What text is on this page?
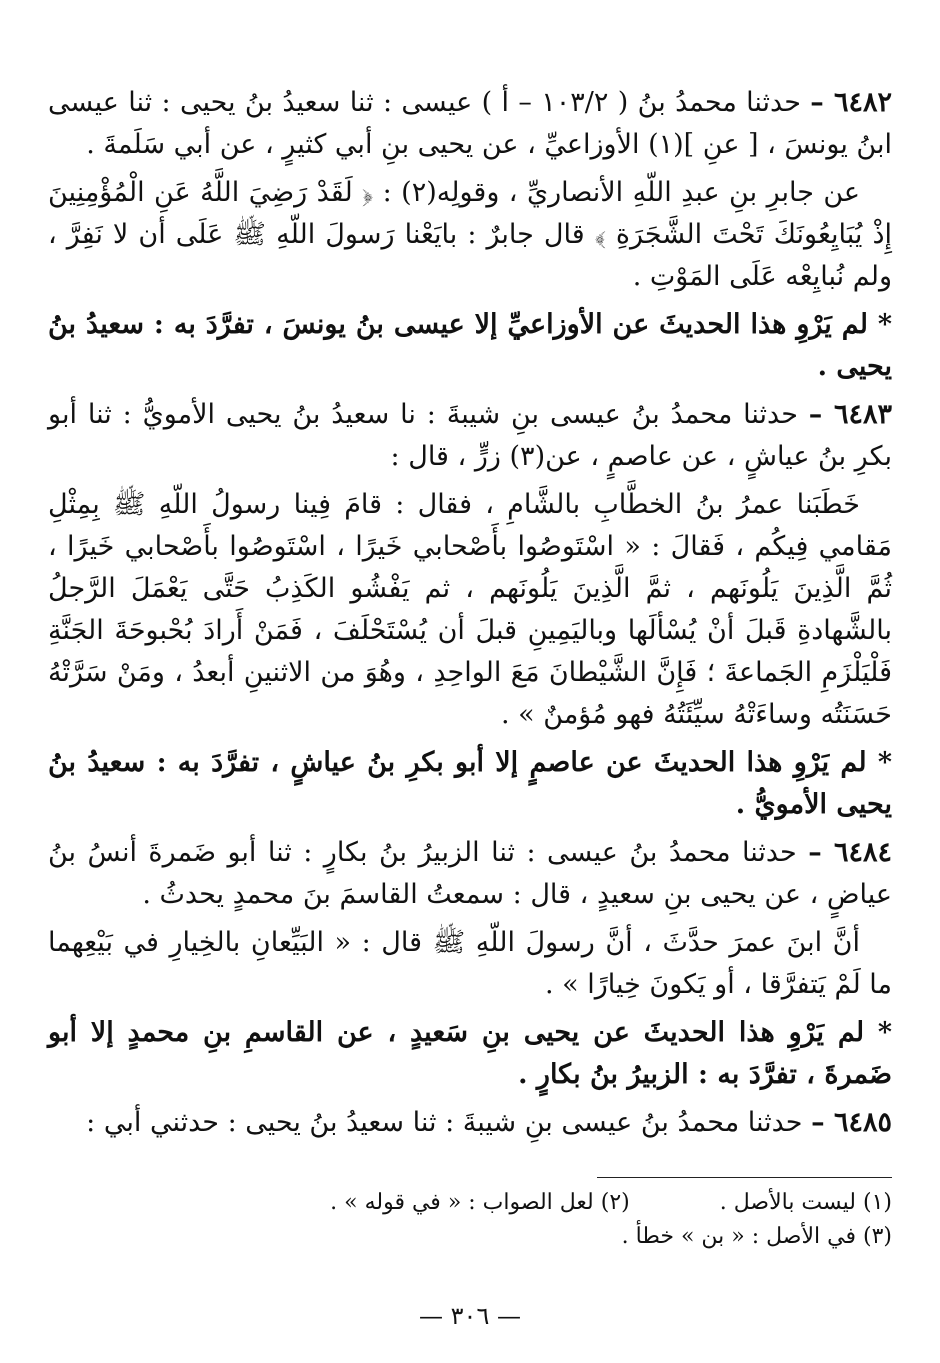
٦٤٨٢ – حدثنا محمدُ بنُ ( ١٠٣/٢ – أ ) عيسى : ثنا سعيدُ بنُ يحيى : ثنا عيسى ابنُ يونسَ ، [ عنِ ](١) الأوزاعيِّ ، عن يحيى بنِ أبي كثيرٍ ، عن أبي سَلَمةَ .

عن جابرِ بنِ عبدِ اللّهِ الأنصاريِّ ، وقولِه(٢) : ﴿ لَقَدْ رَضِيَ اللَّهُ عَنِ الْمُؤْمِنِينَ إِذْ يُبَايِعُونَكَ تَحْتَ الشَّجَرَةِ ﴾ قال جابرٌ : بايَعْنا رَسولَ اللّهِ ﷺ عَلَى أن لا نَفِرَّ ، ولم نُبايِعْه عَلَى المَوْتِ .

* لم يَرْوِ هذا الحديثَ عن الأوزاعيِّ إلا عيسى بنُ يونسَ ، تفرَّدَ به : سعيدُ بنُ يحيى .

٦٤٨٣ – حدثنا محمدُ بنُ عيسى بنِ شيبةَ : نا سعيدُ بنُ يحيى الأمويُّ : ثنا أبو بكرِ بنُ عياشٍ ، عن عاصمٍ ، عن(٣) زرٍّ ، قال :

خَطَبَنا عمرُ بنُ الخطَّابِ بالشَّامِ ، فقال : قامَ فِينا رسولُ اللّهِ ﷺ بِمِثْلِ مَقامي فِيكُم ، فَقالَ : « اسْتَوصُوا بأَصْحابي خَيرًا ، اسْتَوصُوا بأَصْحابي خَيرًا ، ثُمَّ الَّذِينَ يَلُونَهم ، ثمَّ الَّذِينَ يَلُونَهم ، ثم يَفْشُو الكَذِبُ حَتَّى يَعْمَلَ الرَّجلُ بالشَّهادةِ قَبلَ أنْ يُسْألَها وباليَمِينِ قبلَ أن يُسْتَحْلَفَ ، فَمَنْ أَرادَ بُحْبوحَةَ الجَنَّةِ فَلْيَلْزَمِ الجَماعةَ ؛ فَإِنَّ الشَّيْطانَ مَعَ الواحِدِ ، وهُوَ من الاثنينِ أبعدُ ، ومَنْ سَرَّتْهُ حَسَنَتُه وساءَتْهُ سيِّئَتُهُ فهو مُؤمنٌ » .

* لم يَرْوِ هذا الحديثَ عن عاصمٍ إلا أبو بكرِ بنُ عياشٍ ، تفرَّدَ به : سعيدُ بنُ يحيى الأمويُّ .

٦٤٨٤ – حدثنا محمدُ بنُ عيسى : ثنا الزبيرُ بنُ بكارٍ : ثنا أبو ضَمرةَ أنسُ بنُ عياضٍ ، عن يحيى بنِ سعيدٍ ، قال : سمعتُ القاسمَ بنَ محمدٍ يحدثُ .

أنَّ ابنَ عمرَ حدَّثَ ، أنَّ رسولَ اللّهِ ﷺ قال : « البَيِّعانِ بالخِيارِ في بَيْعِهما ما لَمْ يَتفرَّقا ، أو يَكونَ خِيارًا » .

* لم يَرْوِ هذا الحديثَ عن يحيى بنِ سَعيدٍ ، عن القاسمِ بنِ محمدٍ إلا أبو ضَمرةَ ، تفرَّدَ به : الزبيرُ بنُ بكارٍ .

٦٤٨٥ – حدثنا محمدُ بنُ عيسى بنِ شيبةَ : ثنا سعيدُ بنُ يحيى : حدثني أبي :

(١) ليست بالأصل .
(٢) لعل الصواب : « في قوله » .
(٣) في الأصل : « بن » خطأ .
— ٣٠٦ —
